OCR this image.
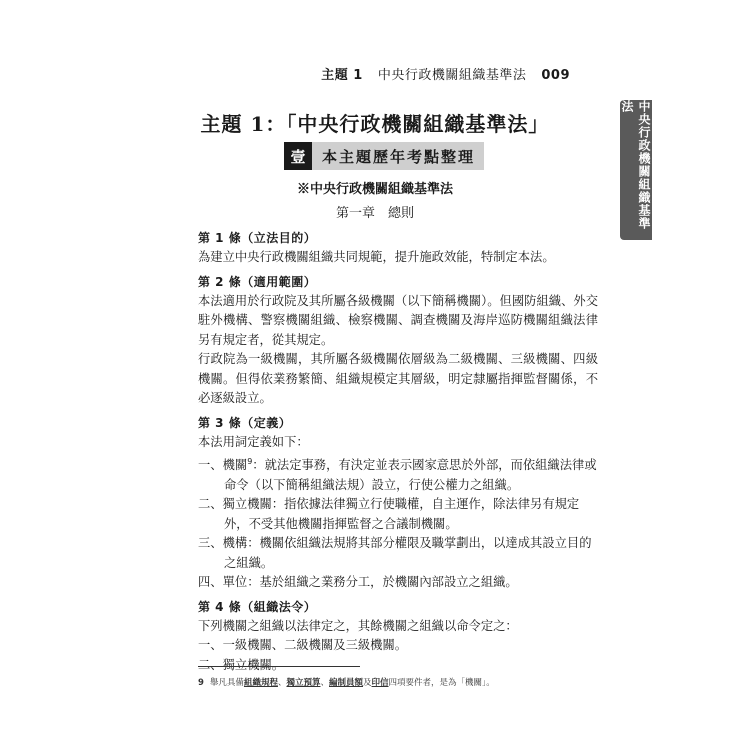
主題 1 中央行政機關組織基準法 009
中央行政機關組織基準法
主題 1：「中央行政機關組織基準法」
壹	本主題歷年考點整理
※中央行政機關組織基準法
第一章　總則
第 1 條（立法目的）
為建立中央行政機關組織共同規範，提升施政效能，特制定本法。
第 2 條（適用範圍）
本法適用於行政院及其所屬各級機關（以下簡稱機關）。但國防組織、外交駐外機構、警察機關組織、檢察機關、調查機關及海岸巡防機關組織法律另有規定者，從其規定。
行政院為一級機關，其所屬各級機關依層級為二級機關、三級機關、四級機關。但得依業務繁簡、組織規模定其層級，明定隸屬指揮監督關係，不必逐級設立。
第 3 條（定義）
本法用詞定義如下：
一、機關$^9$：就法定事務，有決定並表示國家意思於外部，而依組織法律或命令（以下簡稱組織法規）設立，行使公權力之組織。
二、獨立機關：指依據法律獨立行使職權，自主運作，除法律另有規定外，不受其他機關指揮監督之合議制機關。
三、機構：機關依組織法規將其部分權限及職掌劃出，以達成其設立目的之組織。
四、單位：基於組織之業務分工，於機關內部設立之組織。
第 4 條（組織法令）
下列機關之組織以法律定之，其餘機關之組織以命令定之：
一、一級機關、二級機關及三級機關。
二、獨立機關。
9 舉凡具備組織規程、獨立預算、編制員額及印信四項要件者，是為「機關」。
